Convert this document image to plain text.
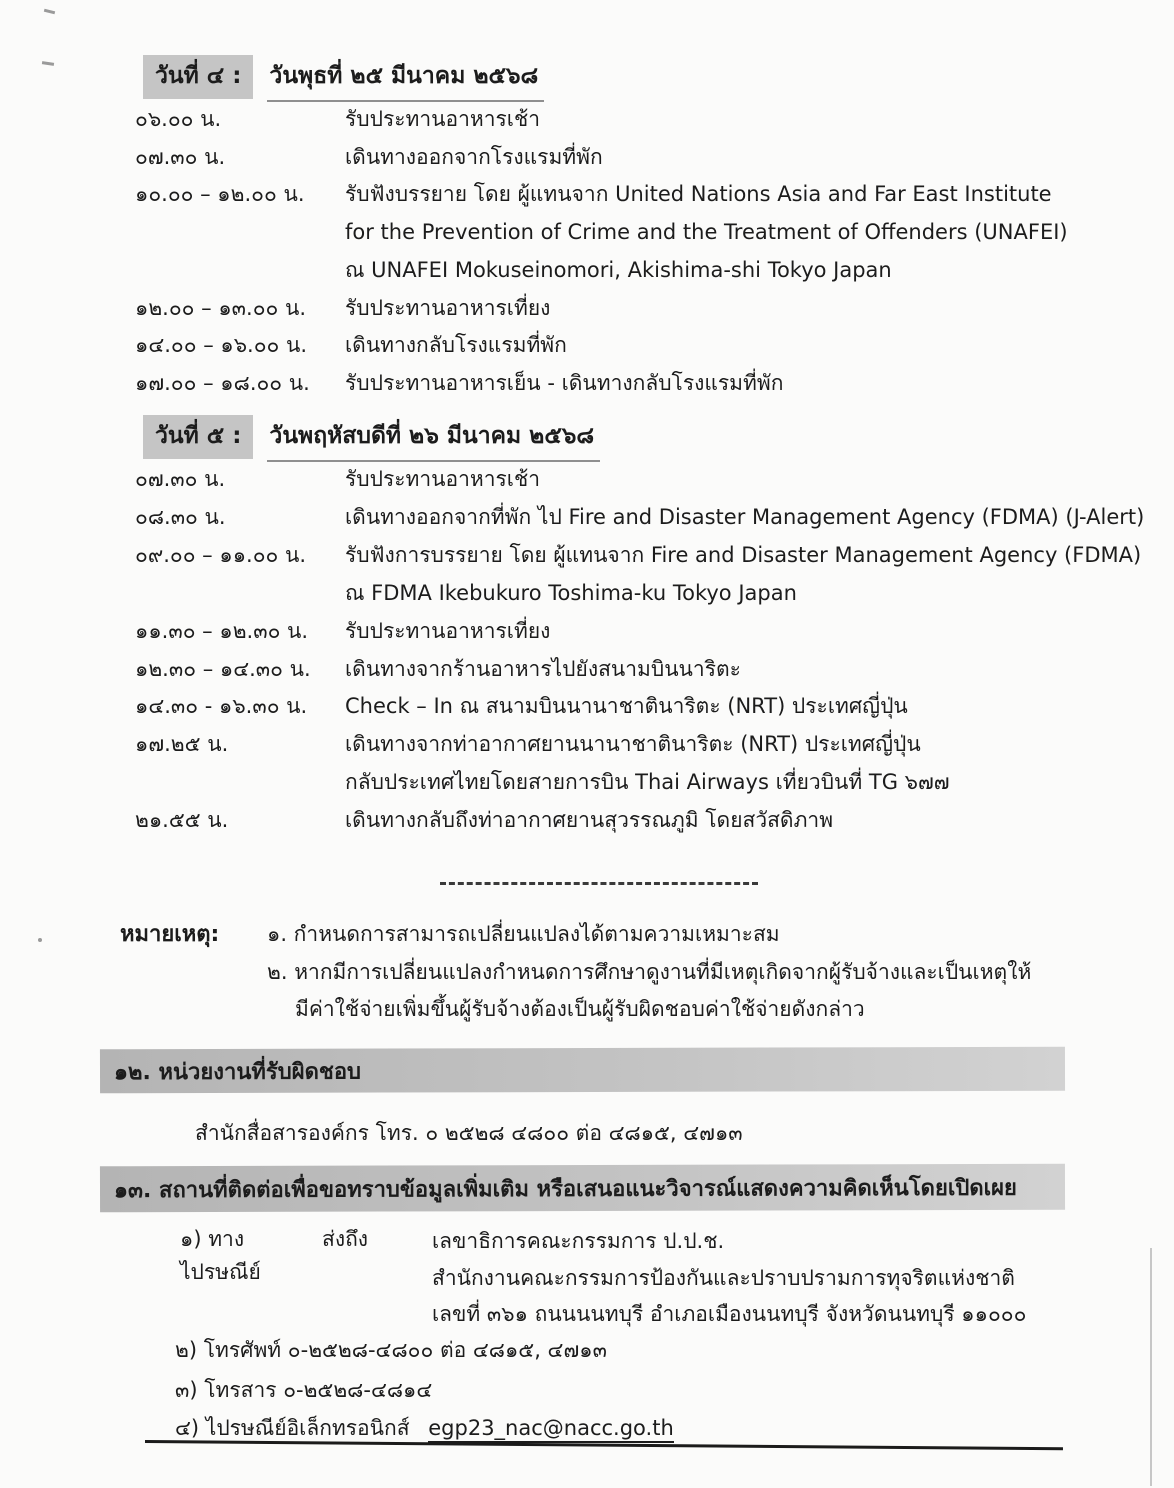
วันที่ ๔ :	วันพุธที่ ๒๕ มีนาคม ๒๕๖๘
๐๖.๐๐ น.	รับประทานอาหารเช้า
๐๗.๓๐ น.	เดินทางออกจากโรงแรมที่พัก
๑๐.๐๐ – ๑๒.๐๐ น.	รับฟังบรรยาย โดย ผู้แทนจาก United Nations Asia and Far East Institute
for the Prevention of Crime and the Treatment of Offenders (UNAFEI)
ณ UNAFEI Mokuseinomori, Akishima-shi Tokyo Japan
๑๒.๐๐ – ๑๓.๐๐ น.	รับประทานอาหารเที่ยง
๑๔.๐๐ – ๑๖.๐๐ น.	เดินทางกลับโรงแรมที่พัก
๑๗.๐๐ – ๑๘.๐๐ น.	รับประทานอาหารเย็น - เดินทางกลับโรงแรมที่พัก
วันที่ ๕ :	วันพฤหัสบดีที่ ๒๖ มีนาคม ๒๕๖๘
๐๗.๓๐ น.	รับประทานอาหารเช้า
๐๘.๓๐ น.	เดินทางออกจากที่พัก ไป Fire and Disaster Management Agency (FDMA) (J-Alert)
๐๙.๐๐ – ๑๑.๐๐ น.	รับฟังการบรรยาย โดย ผู้แทนจาก Fire and Disaster Management Agency (FDMA)
ณ FDMA Ikebukuro Toshima-ku Tokyo Japan
๑๑.๓๐ – ๑๒.๓๐ น.	รับประทานอาหารเที่ยง
๑๒.๓๐ – ๑๔.๓๐ น.	เดินทางจากร้านอาหารไปยังสนามบินนาริตะ
๑๔.๓๐ - ๑๖.๓๐ น.	Check – In ณ สนามบินนานาชาตินาริตะ (NRT) ประเทศญี่ปุ่น
๑๗.๒๕ น.	เดินทางจากท่าอากาศยานนานาชาตินาริตะ (NRT) ประเทศญี่ปุ่น
กลับประเทศไทยโดยสายการบิน Thai Airways เที่ยวบินที่ TG ๖๗๗
๒๑.๕๕ น.	เดินทางกลับถึงท่าอากาศยานสุวรรณภูมิ โดยสวัสดิภาพ
หมายเหตุ: ๑. กำหนดการสามารถเปลี่ยนแปลงได้ตามความเหมาะสม
๒. หากมีการเปลี่ยนแปลงกำหนดการศึกษาดูงานที่มีเหตุเกิดจากผู้รับจ้างและเป็นเหตุให้
มีค่าใช้จ่ายเพิ่มขึ้นผู้รับจ้างต้องเป็นผู้รับผิดชอบค่าใช้จ่ายดังกล่าว
๑๒. หน่วยงานที่รับผิด ชอบ
สำนักสื่อสารองค์กร โทร. ๐ ๒๕๒๘ ๔๘๐๐ ต่อ ๔๘๑๕, ๔๗๑๓
๑๓. สถานที่ติดต่อเพื่อขอทราบข้อมูลเพิ่มเติม หรือเสนอแนะวิจารณ์แสดง ความคิดเห็นโดยเปิดเผย
๑) ทางไปรษณีย์
ส่งถึง	เลขาธิการคณะกรรมการ ป.ป.ช.
สำนักงานคณะกรรมการป้องกันและปราบปรามการทุจริตแห่งชาติ
เลขที่ ๓๖๑ ถนนนนทบุรี อำเภอเมืองนนทบุรี จังหวัดนนทบุรี ๑๑๐๐๐
๒) โทรศัพท์ ๐-๒๕๒๘-๔๘๐๐ ต่อ ๔๘๑๕, ๔๗๑๓
๓) โทรสาร ๐-๒๕๒๘-๔๘๑๔
๔) ไปรษณีย์อิเล็กทรอนิกส์ egp23_nac@nacc.go.th
